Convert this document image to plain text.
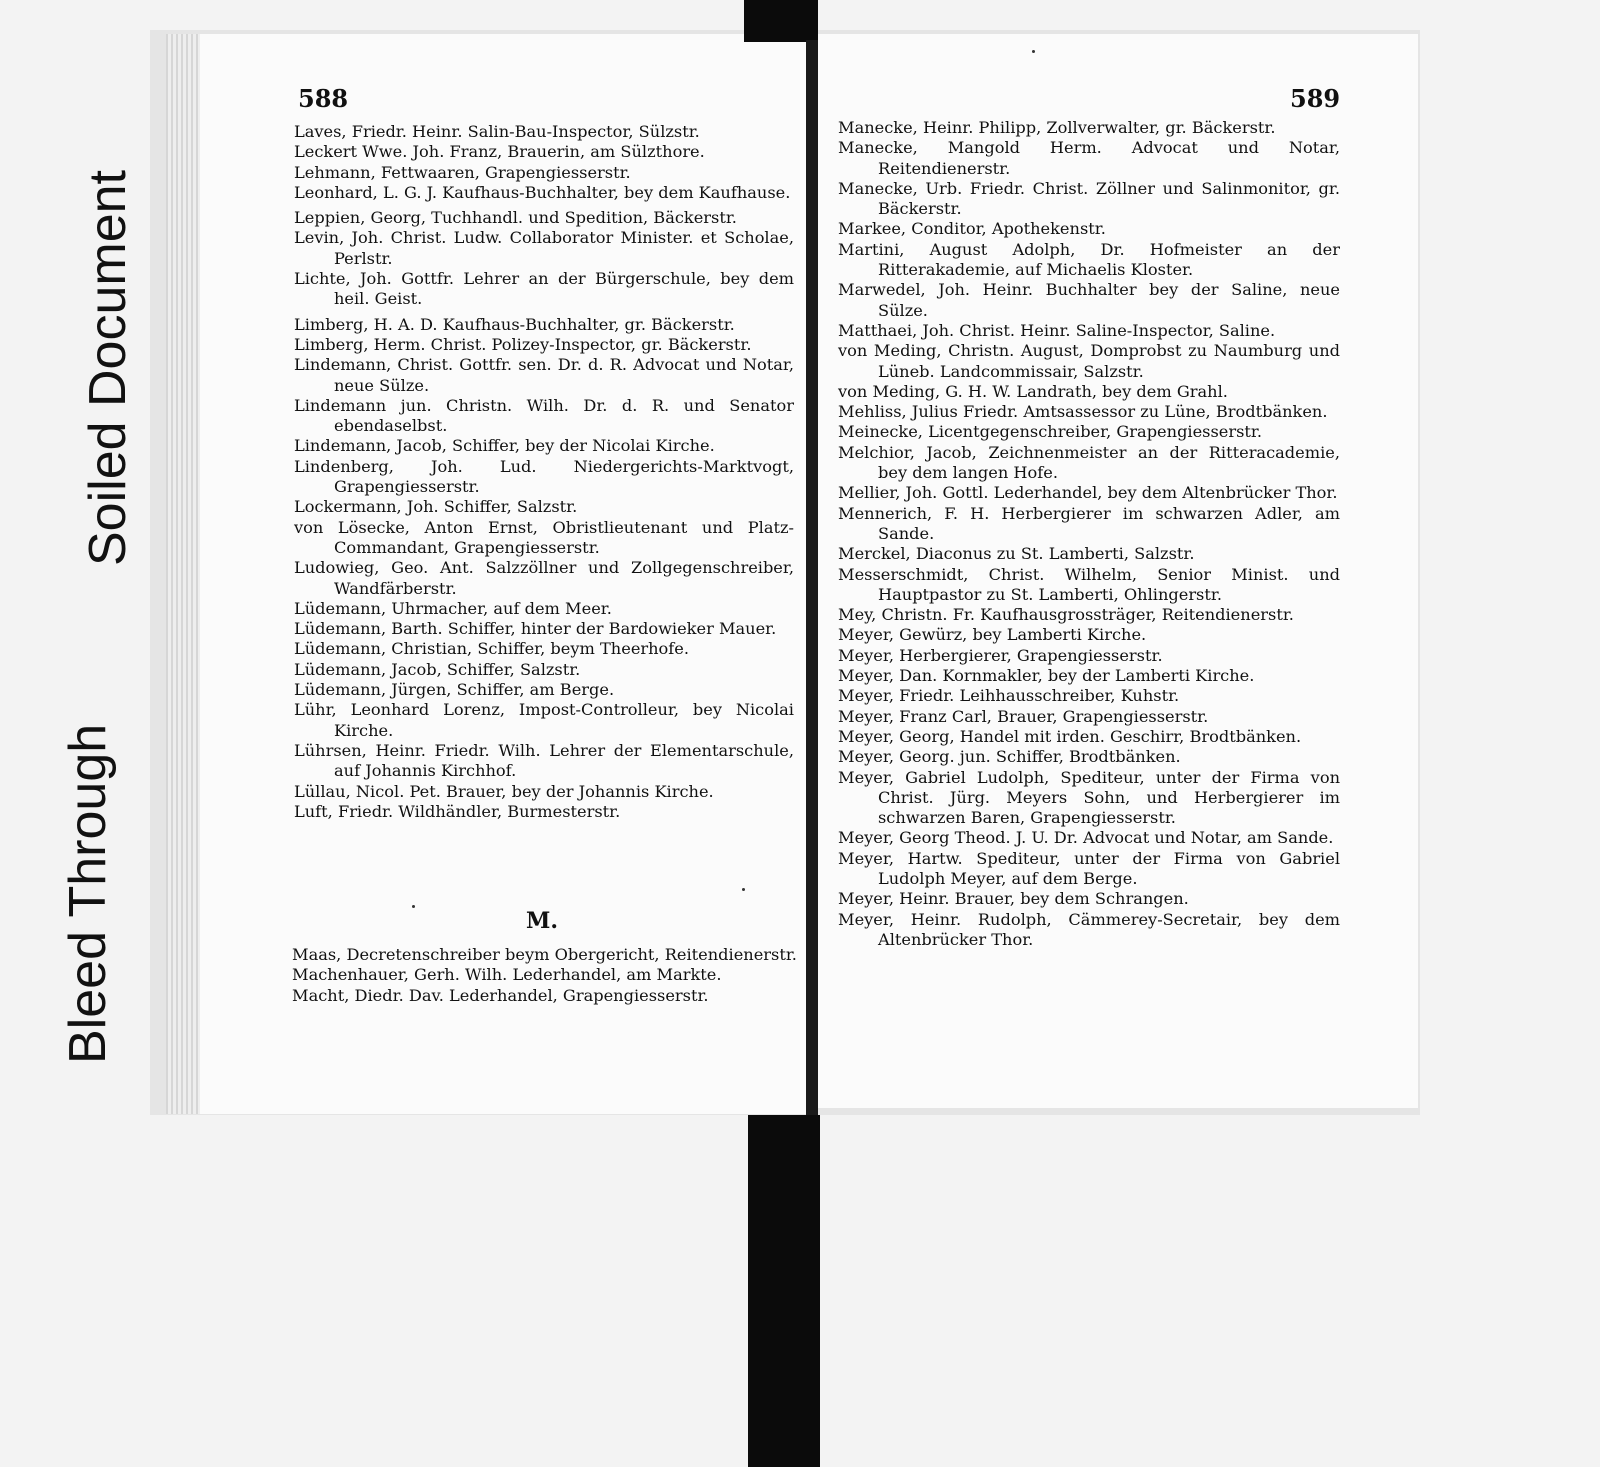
Soiled Document
Bleed Through
588	589

Laves, Friedr. Heinr. Salin-Bau-Inspector, Sülzstr.

Leckert Wwe. Joh. Franz, Brauerin, am Sülzthore.

Lehmann, Fettwaaren, Grapengiesserstr.

Leonhard, L. G. J. Kaufhaus-Buchhalter, bey dem Kaufhause.

Leppien, Georg, Tuchhandl. und Spedition, Bäckerstr.

Levin, Joh. Christ. Ludw. Collaborator Minister. et Scholae, Perlstr.

Lichte, Joh. Gottfr. Lehrer an der Bürgerschule, bey dem heil. Geist.

Limberg, H. A. D. Kaufhaus-Buchhalter, gr. Bäckerstr.

Limberg, Herm. Christ. Polizey-Inspector, gr. Bäckerstr.

Lindemann, Christ. Gottfr. sen. Dr. d. R. Advocat und Notar, neue Sülze.

Lindemann jun. Christn. Wilh. Dr. d. R. und Senator ebendaselbst.

Lindemann, Jacob, Schiffer, bey der Nicolai Kirche.

Lindenberg, Joh. Lud. Niedergerichts-Marktvogt, Grapengiesserstr.

Lockermann, Joh. Schiffer, Salzstr.

von Lösecke, Anton Ernst, Obristlieutenant und Platz-Commandant, Grapengiesserstr.

Ludowieg, Geo. Ant. Salzzöllner und Zollgegenschreiber, Wandfärberstr.

Lüdemann, Uhrmacher, auf dem Meer.

Lüdemann, Barth. Schiffer, hinter der Bardowieker Mauer.

Lüdemann, Christian, Schiffer, beym Theerhofe.

Lüdemann, Jacob, Schiffer, Salzstr.

Lüdemann, Jürgen, Schiffer, am Berge.

Lühr, Leonhard Lorenz, Impost-Controlleur, bey Nicolai Kirche.

Lührsen, Heinr. Friedr. Wilh. Lehrer der Elementarschule, auf Johannis Kirchhof.

Lüllau, Nicol. Pet. Brauer, bey der Johannis Kirche.

Luft, Friedr. Wildhändler, Burmesterstr.

M.

Maas, Decretenschreiber beym Obergericht, Reitendienerstr.

Machenhauer, Gerh. Wilh. Lederhandel, am Markte.

Macht, Diedr. Dav. Lederhandel, Grapengiesserstr.

Manecke, Heinr. Philipp, Zollverwalter, gr. Bäckerstr.

Manecke, Mangold Herm. Advocat und Notar, Reitendienerstr.

Manecke, Urb. Friedr. Christ. Zöllner und Salinmonitor, gr. Bäckerstr.

Markee, Conditor, Apothekenstr.

Martini, August Adolph, Dr. Hofmeister an der Ritterakademie, auf Michaelis Kloster.

Marwedel, Joh. Heinr. Buchhalter bey der Saline, neue Sülze.

Matthaei, Joh. Christ. Heinr. Saline-Inspector, Saline.

von Meding, Christn. August, Domprobst zu Naumburg und Lüneb. Landcommissair, Salzstr.

von Meding, G. H. W. Landrath, bey dem Grahl.

Mehliss, Julius Friedr. Amtsassessor zu Lüne, Brodtbänken.

Meinecke, Licentgegenschreiber, Grapengiesserstr.

Melchior, Jacob, Zeichnenmeister an der Ritteracademie, bey dem langen Hofe.

Mellier, Joh. Gottl. Lederhandel, bey dem Altenbrücker Thor.

Mennerich, F. H. Herbergierer im schwarzen Adler, am Sande.

Merckel, Diaconus zu St. Lamberti, Salzstr.

Messerschmidt, Christ. Wilhelm, Senior Minist. und Hauptpastor zu St. Lamberti, Ohlingerstr.

Mey, Christn. Fr. Kaufhausgrossträger, Reitendienerstr.

Meyer, Gewürz, bey Lamberti Kirche.

Meyer, Herbergierer, Grapengiesserstr.

Meyer, Dan. Kornmakler, bey der Lamberti Kirche.

Meyer, Friedr. Leihhausschreiber, Kuhstr.

Meyer, Franz Carl, Brauer, Grapengiesserstr.

Meyer, Georg, Handel mit irden. Geschirr, Brodtbänken.

Meyer, Georg. jun. Schiffer, Brodtbänken.

Meyer, Gabriel Ludolph, Spediteur, unter der Firma von Christ. Jürg. Meyers Sohn, und Herbergierer im schwarzen Baren, Grapengiesserstr.

Meyer, Georg Theod. J. U. Dr. Advocat und Notar, am Sande.

Meyer, Hartw. Spediteur, unter der Firma von Gabriel Ludolph Meyer, auf dem Berge.

Meyer, Heinr. Brauer, bey dem Schrangen.

Meyer, Heinr. Rudolph, Cämmerey-Secretair, bey dem Altenbrücker Thor.
